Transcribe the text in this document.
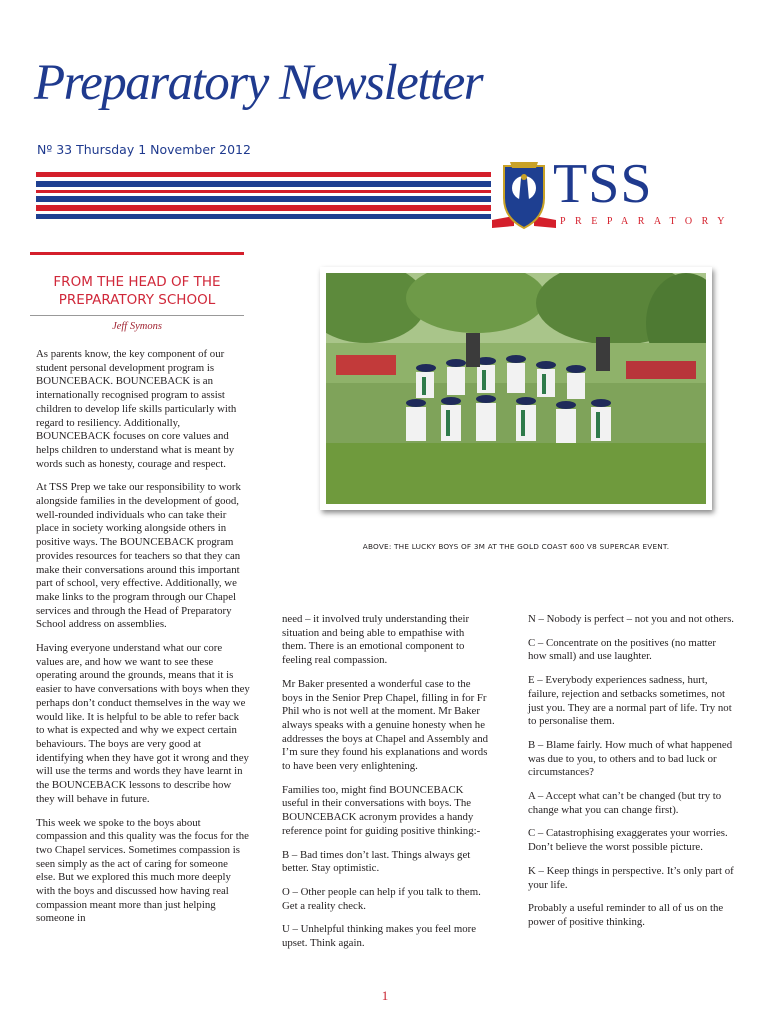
Preparatory Newsletter
Nº 33 Thursday 1 November 2012
TSS
PREPARATORY
FROM THE HEAD OF THE PREPARATORY SCHOOL
Jeff Symons

As parents know, the key component of our student personal development program is BOUNCEBACK. BOUNCEBACK is an internationally recognised program to assist children to develop life skills particularly with regard to resiliency. Additionally, BOUNCEBACK focuses on core values and helps children to understand what is meant by words such as honesty, courage and respect.

At TSS Prep we take our responsibility to work alongside families in the development of good, well-rounded individuals who can take their place in society working alongside others in positive ways. The BOUNCEBACK program provides resources for teachers so that they can make their conversations around this important part of school, very effective. Additionally, we make links to the program through our Chapel services and through the Head of Preparatory School address on assemblies.

Having everyone understand what our core values are, and how we want to see these operating around the grounds, means that it is easier to have conversations with boys when they perhaps don’t conduct themselves in the way we would like. It is helpful to be able to refer back to what is expected and why we expect certain behaviours. The boys are very good at identifying when they have got it wrong and they will use the terms and words they have learnt in the BOUNCEBACK lessons to describe how they will behave in future.

This week we spoke to the boys about compassion and this quality was the focus for the two Chapel services. Sometimes compassion is seen simply as the act of caring for someone else. But we explored this much more deeply with the boys and discussed how having real compassion meant more than just helping someone in

ABOVE: THE LUCKY BOYS OF 3M AT THE GOLD COAST 600 V8 SUPERCAR EVENT.

need – it involved truly understanding their situation and being able to empathise with them. There is an emotional component to feeling real compassion.

Mr Baker presented a wonderful case to the boys in the Senior Prep Chapel, filling in for Fr Phil who is not well at the moment. Mr Baker always speaks with a genuine honesty when he addresses the boys at Chapel and Assembly and I’m sure they found his explanations and words to have been very enlightening.

Families too, might find BOUNCEBACK useful in their conversations with boys. The BOUNCEBACK acronym provides a handy reference point for guiding positive thinking:-

B – Bad times don’t last. Things always get better. Stay optimistic.

O – Other people can help if you talk to them. Get a reality check.

U – Unhelpful thinking makes you feel more upset. Think again.

N – Nobody is perfect – not you and not others.

C – Concentrate on the positives (no matter how small) and use laughter.

E – Everybody experiences sadness, hurt, failure, rejection and setbacks sometimes, not just you. They are a normal part of life. Try not to personalise them.

B – Blame fairly. How much of what happened was due to you, to others and to bad luck or circumstances?

A – Accept what can’t be changed (but try to change what you can change first).

C – Catastrophising exaggerates your worries. Don’t believe the worst possible picture.

K – Keep things in perspective. It’s only part of your life.

Probably a useful reminder to all of us on the power of positive thinking.

1
